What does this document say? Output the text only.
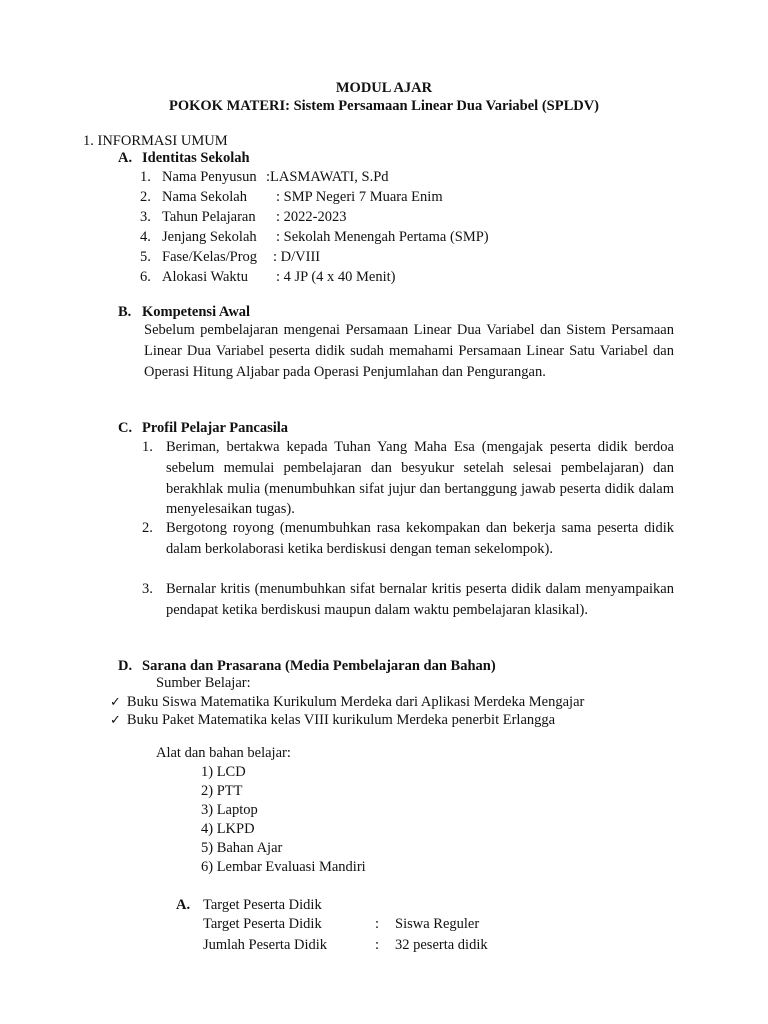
MODUL AJAR
POKOK MATERI: Sistem Persamaan Linear Dua Variabel (SPLDV)
1. INFORMASI UMUM
A. Identitas Sekolah
1. Nama Penyusun :LASMAWATI, S.Pd
2. Nama Sekolah : SMP Negeri 7 Muara Enim
3. Tahun Pelajaran : 2022-2023
4. Jenjang Sekolah : Sekolah Menengah Pertama (SMP)
5. Fase/Kelas/Prog : D/VIII
6. Alokasi Waktu : 4 JP (4 x 40 Menit)
B. Kompetensi Awal
Sebelum pembelajaran mengenai Persamaan Linear Dua Variabel dan Sistem Persamaan Linear Dua Variabel peserta didik sudah memahami Persamaan Linear Satu Variabel dan Operasi Hitung Aljabar pada Operasi Penjumlahan dan Pengurangan.
C. Profil Pelajar Pancasila
1. Beriman, bertakwa kepada Tuhan Yang Maha Esa (mengajak peserta didik berdoa sebelum memulai pembelajaran dan besyukur setelah selesai pembelajaran) dan berakhlak mulia (menumbuhkan sifat jujur dan bertanggung jawab peserta didik dalam menyelesaikan tugas).
2. Bergotong royong (menumbuhkan rasa kekompakan dan bekerja sama peserta didik dalam berkolaborasi ketika berdiskusi dengan teman sekelompok).
3. Bernalar kritis (menumbuhkan sifat bernalar kritis peserta didik dalam menyampaikan pendapat ketika berdiskusi maupun dalam waktu pembelajaran klasikal).
D. Sarana dan Prasarana (Media Pembelajaran dan Bahan)
Sumber Belajar:
✓ Buku Siswa Matematika Kurikulum Merdeka dari Aplikasi Merdeka Mengajar
✓ Buku Paket Matematika kelas VIII kurikulum Merdeka penerbit Erlangga
Alat dan bahan belajar:
1) LCD
2) PTT
3) Laptop
4) LKPD
5) Bahan Ajar
6) Lembar Evaluasi Mandiri
A. Target Peserta Didik
Target Peserta Didik	: Siswa Reguler
Jumlah Peserta Didik	: 32 peserta didik
